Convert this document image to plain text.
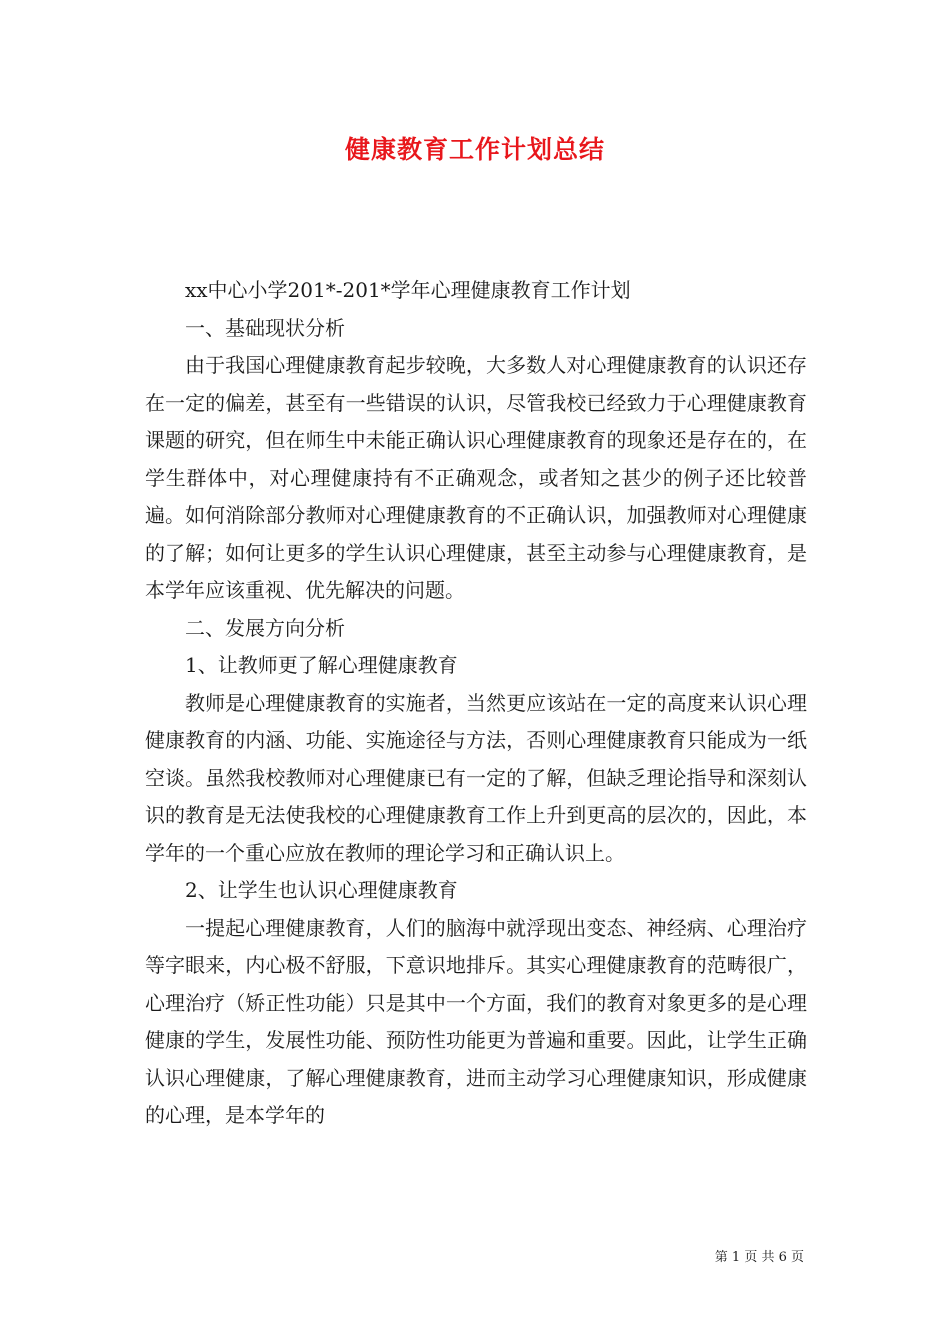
健康教育工作计划总结

xx中心小学201*-201*学年心理健康教育工作计划

一、基础现状分析

由于我国心理健康教育起步较晚，大多数人对心理健康教育的认识还存在一定的偏差，甚至有一些错误的认识，尽管我校已经致力于心理健康教育课题的研究，但在师生中未能正确认识心理健康教育的现象还是存在的，在学生群体中，对心理健康持有不正确观念，或者知之甚少的例子还比较普遍。如何消除部分教师对心理健康教育的不正确认识，加强教师对心理健康的了解；如何让更多的学生认识心理健康，甚至主动参与心理健康教育，是本学年应该重视、优先解决的问题。

二、发展方向分析

1、让教师更了解心理健康教育

教师是心理健康教育的实施者，当然更应该站在一定的高度来认识心理健康教育的内涵、功能、实施途径与方法，否则心理健康教育只能成为一纸空谈。虽然我校教师对心理健康已有一定的了解，但缺乏理论指导和深刻认识的教育是无法使我校的心理健康教育工作上升到更高的层次的，因此，本学年的一个重心应放在教师的理论学习和正确认识上。

2、让学生也认识心理健康教育

一提起心理健康教育，人们的脑海中就浮现出变态、神经病、心理治疗等字眼来，内心极不舒服，下意识地排斥。其实心理健康教育的范畴很广，心理治疗（矫正性功能）只是其中一个方面，我们的教育对象更多的是心理健康的学生，发展性功能、预防性功能更为普遍和重要。因此，让学生正确认识心理健康，了解心理健康教育，进而主动学习心理健康知识，形成健康的心理，是本学年的

第 1 页 共 6 页
